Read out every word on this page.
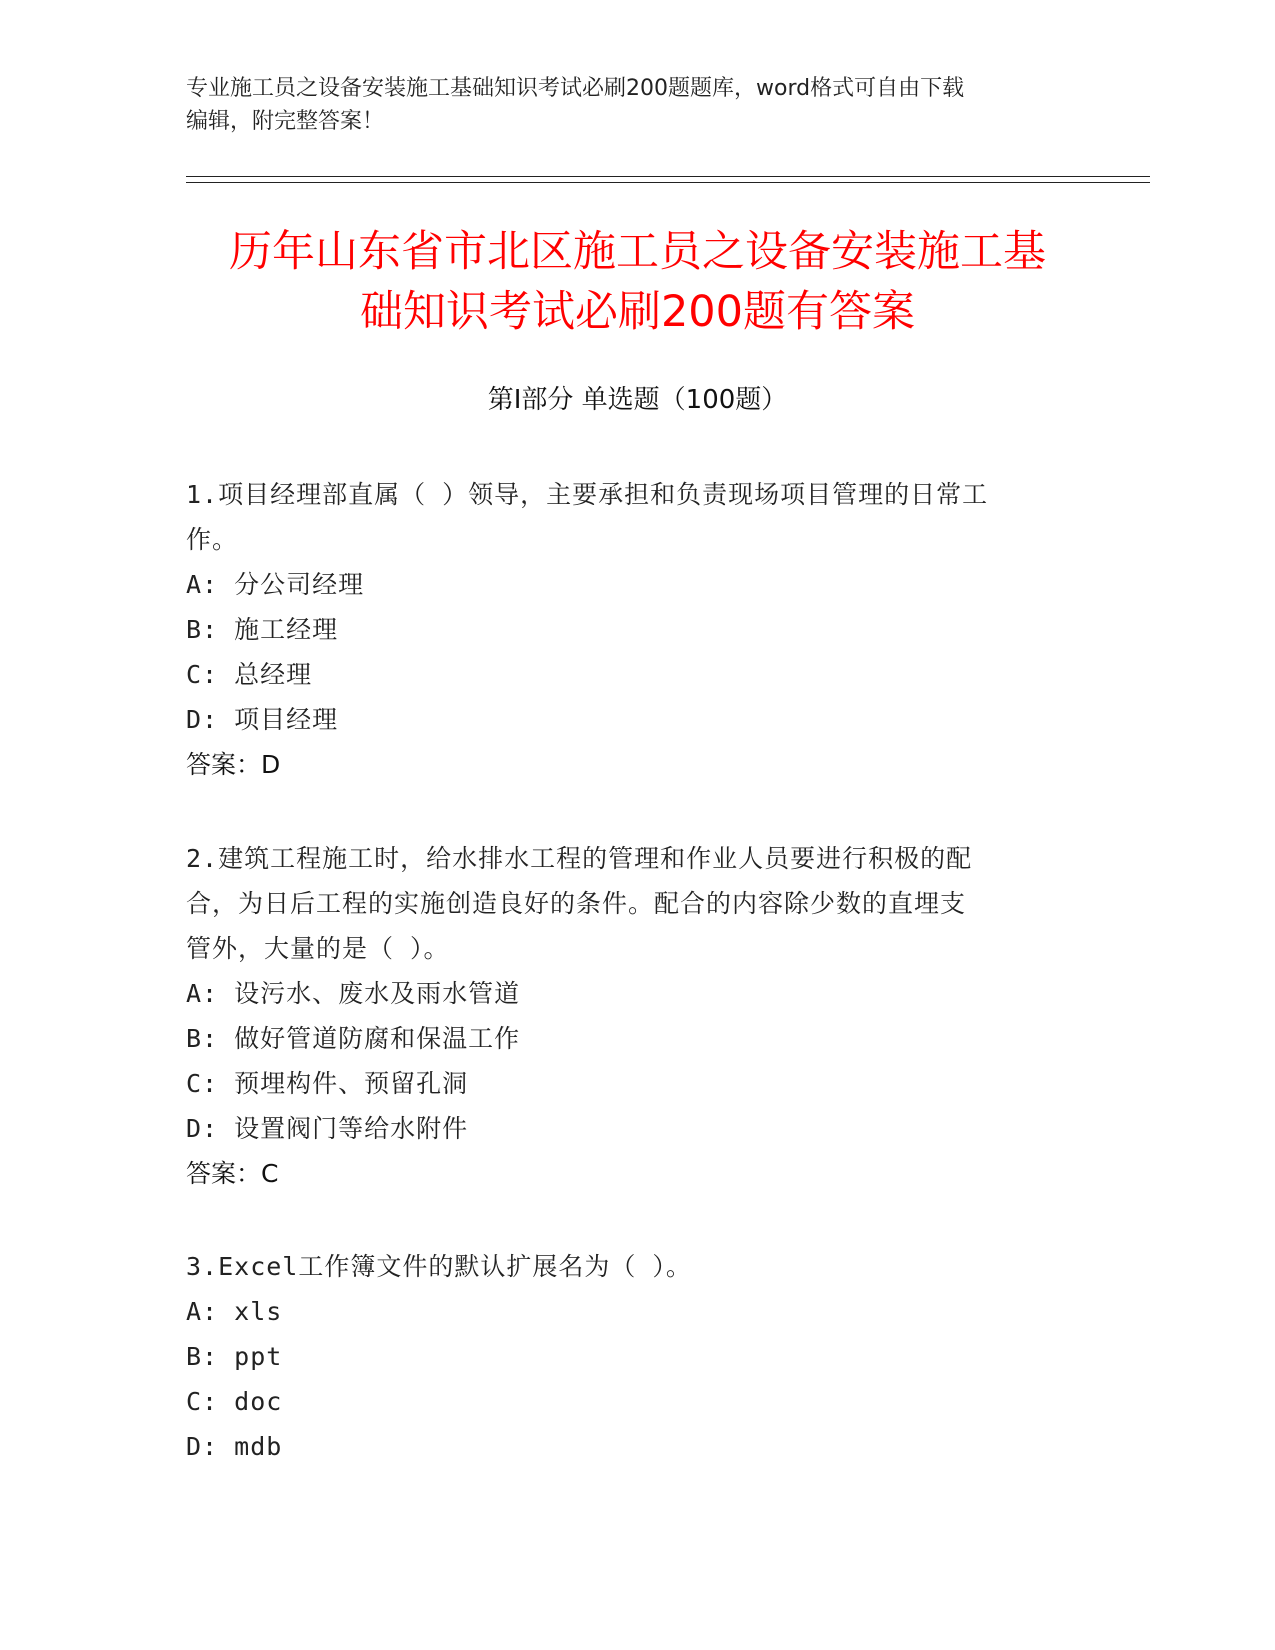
专业施工员之设备安装施工基础知识考试必刷200题题库，word格式可自由下载
编辑，附完整答案！
历年山东省市北区施工员之设备安装施工基
础知识考试必刷200题有答案
第Ⅰ部分 单选题（100题）
1.项目经理部直属（ ）领导，主要承担和负责现场项目管理的日常工
作。
A: 分公司经理
B: 施工经理
C: 总经理
D: 项目经理
答案：D
2.建筑工程施工时，给水排水工程的管理和作业人员要进行积极的配
合，为日后工程的实施创造良好的条件。配合的内容除少数的直埋支
管外，大量的是（ ）。
A: 设污水、废水及雨水管道
B: 做好管道防腐和保温工作
C: 预埋构件、预留孔洞
D: 设置阀门等给水附件
答案：C
3.Excel工作簿文件的默认扩展名为（ ）。
A: xls
B: ppt
C: doc
D: mdb
